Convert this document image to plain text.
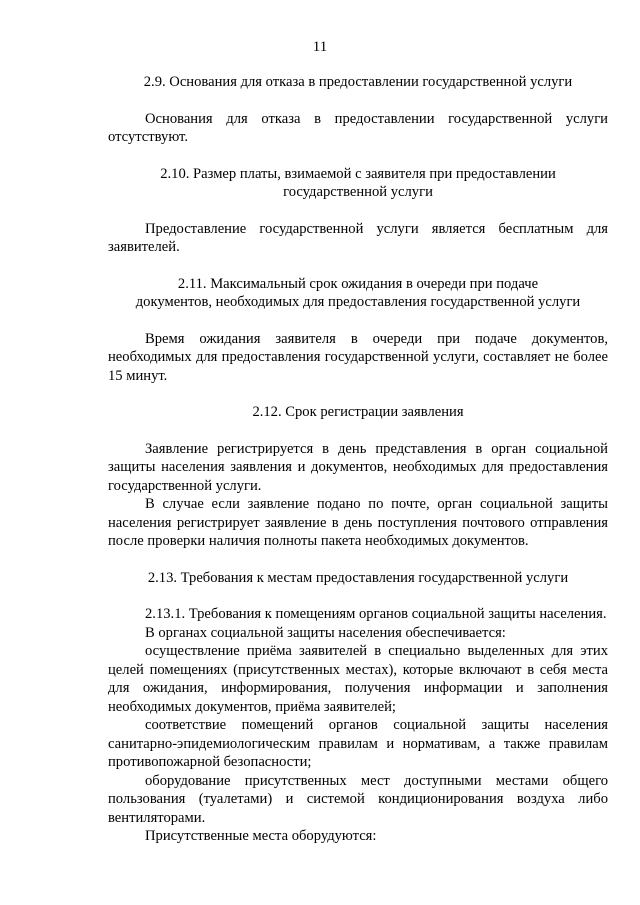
11

2.9. Основания для отказа в предоставлении государственной услуги

Основания для отказа в предоставлении государственной услуги отсутствуют.

2.10. Размер платы, взимаемой с заявителя при предоставлении

государственной услуги

Предоставление государственной услуги является бесплатным для заявителей.

2.11. Максимальный срок ожидания в очереди при подаче

документов, необходимых для предоставления государственной услуги

Время ожидания заявителя в очереди при подаче документов, необходимых для предоставления государственной услуги, составляет не более 15 минут.

2.12. Срок регистрации заявления

Заявление регистрируется в день представления в орган социальной защиты населения заявления и документов, необходимых для предоставления государственной услуги.

В случае если заявление подано по почте, орган социальной защиты населения регистрирует заявление в день поступления почтового отправления после проверки наличия полноты пакета необходимых документов.

2.13. Требования к местам предоставления государственной услуги

2.13.1. Требования к помещениям органов социальной защиты населения.

В органах социальной защиты населения обеспечивается:

осуществление приёма заявителей в специально выделенных для этих целей помещениях (присутственных местах), которые включают в себя места для ожидания, информирования, получения информации и заполнения необходимых документов, приёма заявителей;

соответствие помещений органов социальной защиты населения санитарно-эпидемиологическим правилам и нормативам, а также правилам противопожарной безопасности;

оборудование присутственных мест доступными местами общего пользования (туалетами) и системой кондиционирования воздуха либо вентиляторами.

Присутственные места оборудуются:
